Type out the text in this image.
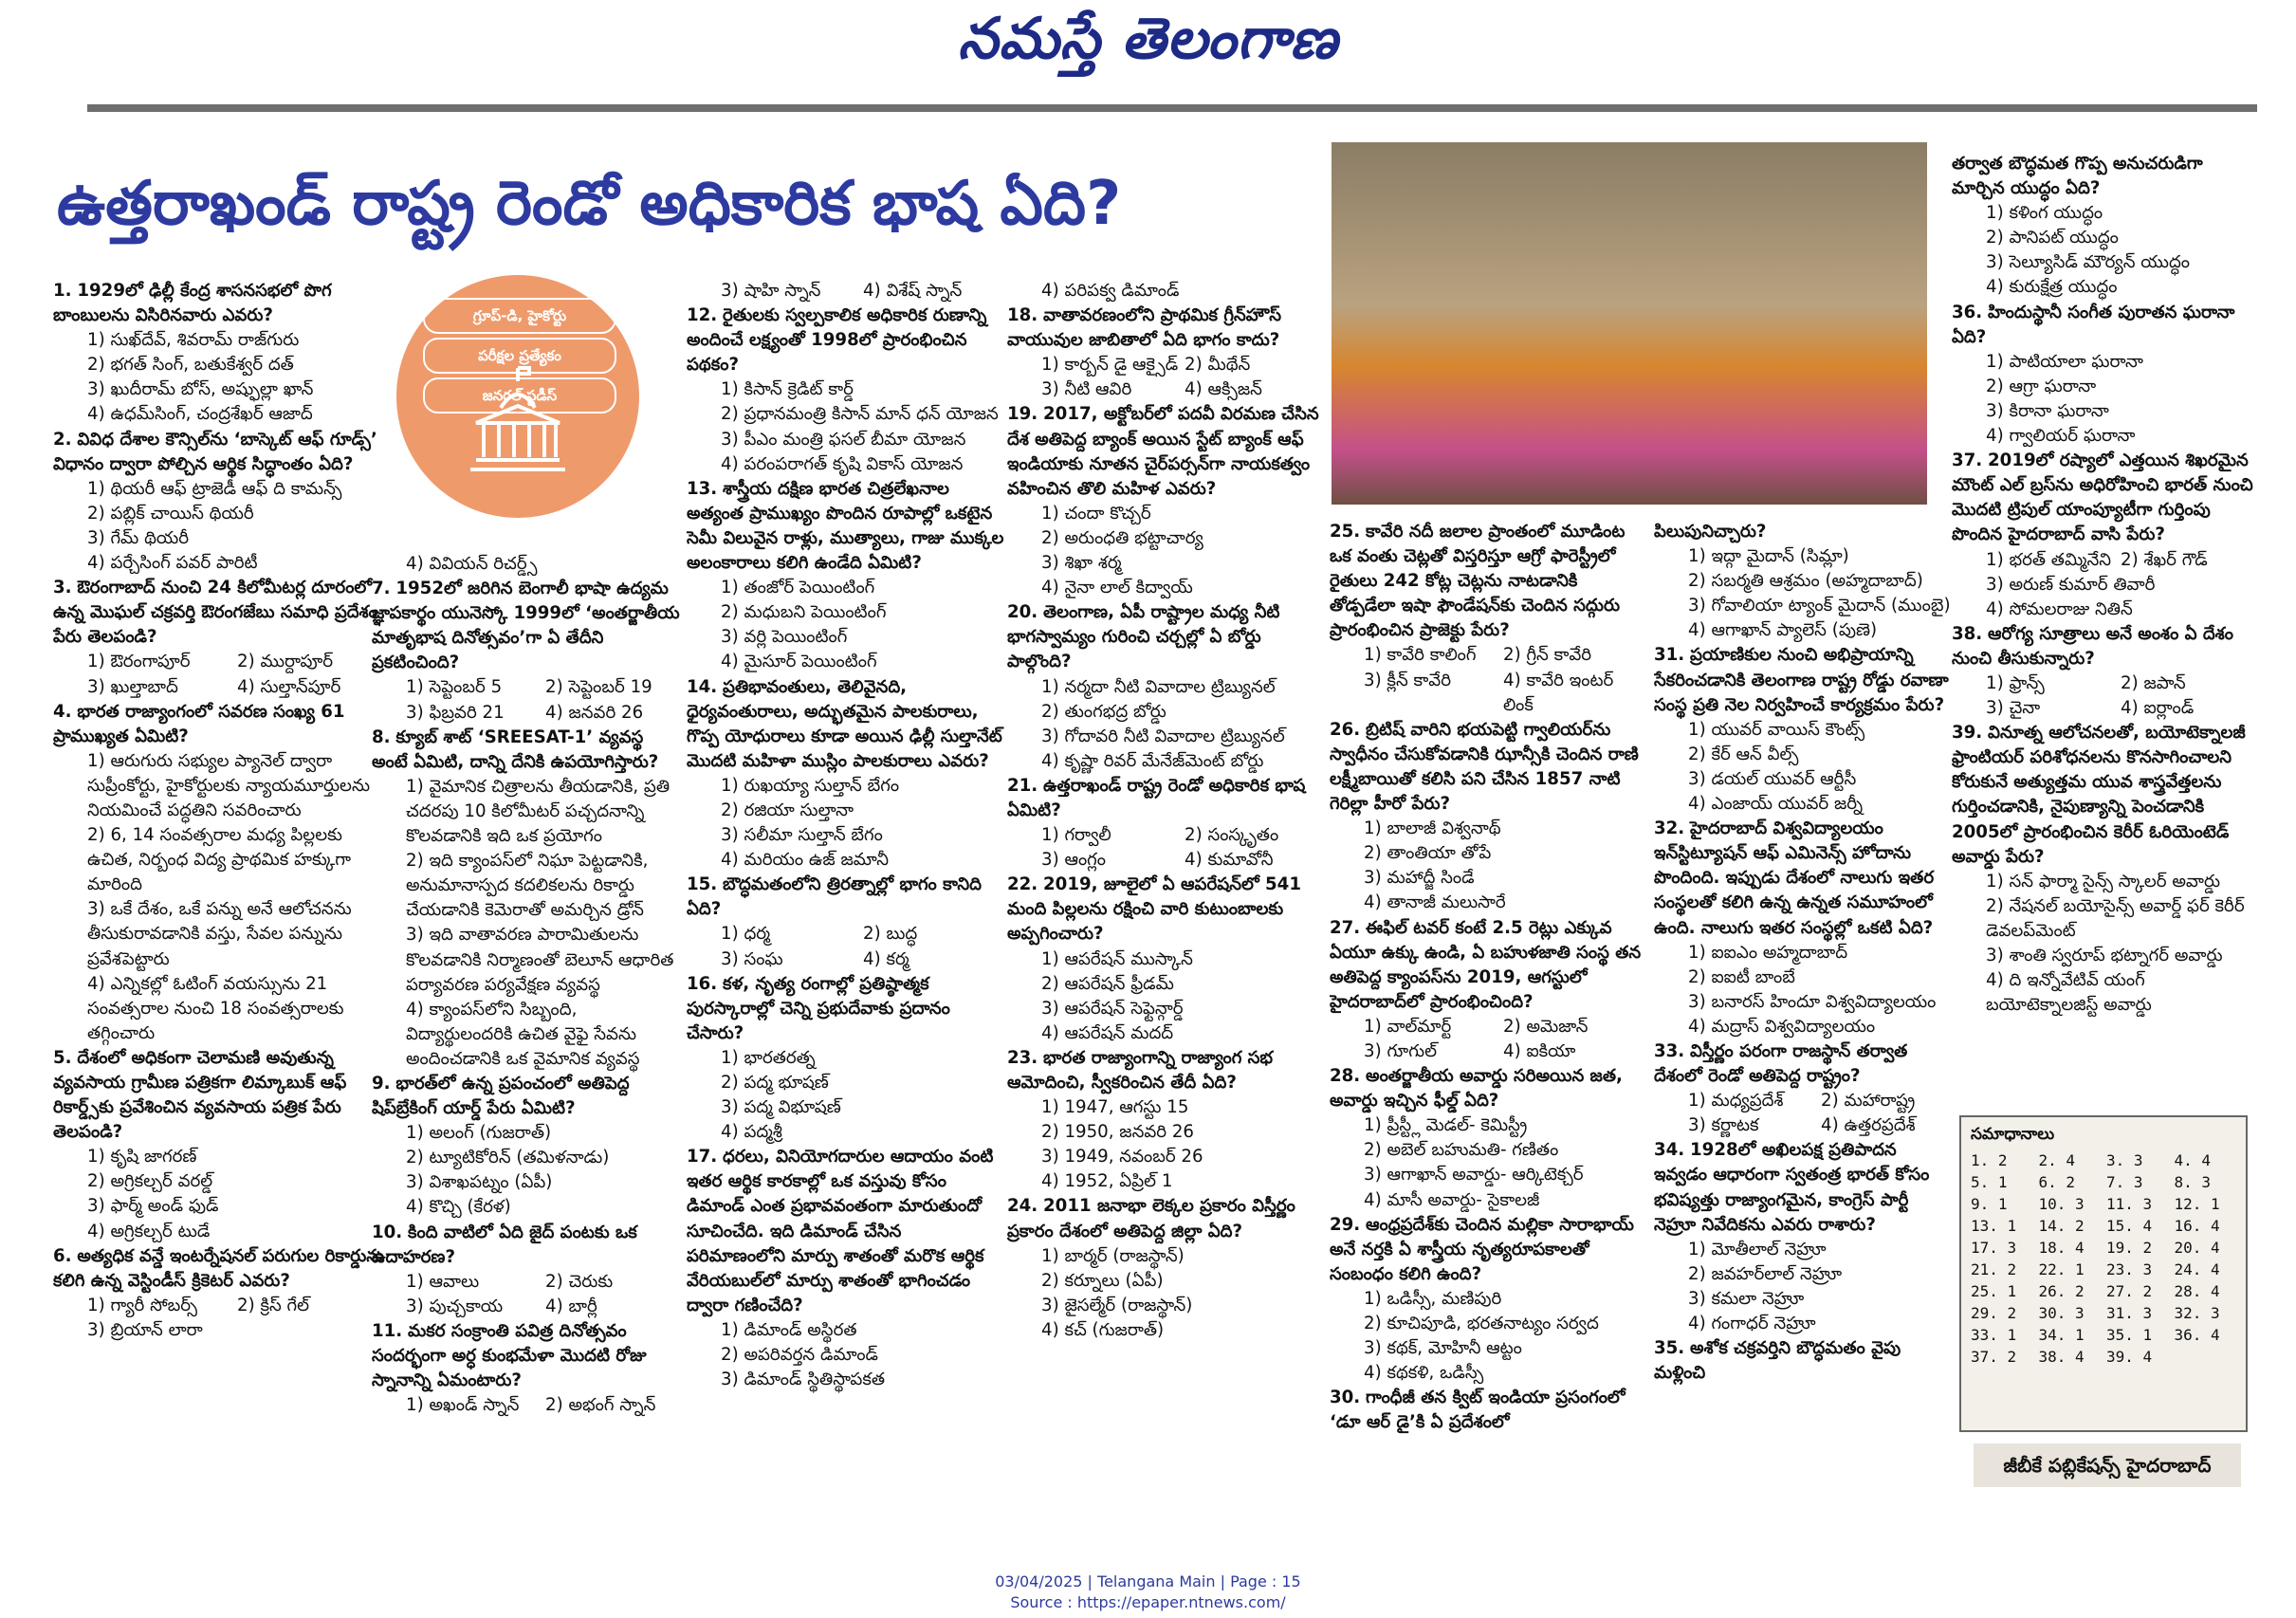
నమస్తే తెలంగాణ
ఉత్తరాఖండ్ రాష్ట్ర రెండో అధికారిక భాష ఏది?
గ్రూప్-డి, హైకోర్టు
పరీక్షల ప్రత్యేకం
జనరల్ స్టడీస్
1. 1929లో ఢిల్లీ కేంద్ర శాసనసభలో పొగ బాంబులను విసిరినవారు ఎవరు?
1) సుఖ్‌దేవ్, శివరామ్ రాజ్‌గురు
2) భగత్ సింగ్, బతుకేశ్వర్ దత్
3) ఖుదీరామ్ బోస్, అష్ఫుల్లా ఖాన్
4) ఉధమ్‌సింగ్, చంద్రశేఖర్ ఆజాద్
2. వివిధ దేశాల కౌన్సిల్‌ను ‘బాస్కెట్ ఆఫ్ గూడ్స్’ విధానం ద్వారా పోల్చిన ఆర్థిక సిద్ధాంతం ఏది?
1) థియరీ ఆఫ్ ట్రాజెడీ ఆఫ్ ది కామన్స్
2) పబ్లిక్ చాయిస్ థియరీ
3) గేమ్ థియరీ
4) పర్చేసింగ్ పవర్ పారిటీ
3. ఔరంగాబాద్ నుంచి 24 కిలోమీటర్ల దూరంలో ఉన్న మొఘల్ చక్రవర్తి ఔరంగజేబు సమాధి ప్రదేశం పేరు తెలపండి?
1) ఔరంగాపూర్	2) ముర్దాపూర్
3) ఖుల్తాబాద్	4) సుల్తాన్‌పూర్
4. భారత రాజ్యాంగంలో సవరణ సంఖ్య 61 ప్రాముఖ్యత ఏమిటి?
1) ఆరుగురు సభ్యుల ప్యానెల్ ద్వారా సుప్రీంకోర్టు, హైకోర్టులకు న్యాయమూర్తులను నియమించే పద్ధతిని సవరించారు
2) 6, 14 సంవత్సరాల మధ్య పిల్లలకు ఉచిత, నిర్బంధ విద్య ప్రాథమిక హక్కుగా మారింది
3) ఒకే దేశం, ఒకే పన్ను అనే ఆలోచనను తీసుకురావడానికి వస్తు, సేవల పన్నును ప్రవేశపెట్టారు
4) ఎన్నికల్లో ఓటింగ్ వయస్సును 21 సంవత్సరాల నుంచి 18 సంవత్సరాలకు తగ్గించారు
5. దేశంలో అధికంగా చెలామణి అవుతున్న వ్యవసాయ గ్రామీణ పత్రికగా లిమ్కాబుక్ ఆఫ్ రికార్డ్స్‌కు ప్రవేశించిన వ్యవసాయ పత్రిక పేరు తెలపండి?
1) కృషి జాగరణ్
2) అగ్రికల్చర్ వరల్డ్
3) ఫార్మ్ అండ్ ఫుడ్
4) అగ్రికల్చర్ టుడే
6. అత్యధిక వన్డే ఇంటర్నేషనల్ పరుగుల రికార్డును కలిగి ఉన్న వెస్టిండీస్ క్రికెటర్ ఎవరు?
1) గ్యారీ సోబర్స్	2) క్రిస్ గేల్
3) బ్రియాన్ లారా
4) వివియన్ రిచర్డ్స్
7. 1952లో జరిగిన బెంగాలీ భాషా ఉద్యమ జ్ఞాపకార్థం యునెస్కో 1999లో ‘అంతర్జాతీయ మాతృభాష దినోత్సవం’గా ఏ తేదీని ప్రకటించింది?
1) సెప్టెంబర్ 5	2) సెప్టెంబర్ 19
3) ఫిబ్రవరి 21	4) జనవరి 26
8. క్యూబ్ శాట్ ‘SREESAT-1’ వ్యవస్థ అంటే ఏమిటి, దాన్ని దేనికి ఉపయోగిస్తారు?
1) వైమానిక చిత్రాలను తీయడానికి, ప్రతి చదరపు 10 కిలోమీటర్ పచ్చదనాన్ని కొలవడానికి ఇది ఒక ప్రయోగం
2) ఇది క్యాంపస్‌లో నిఘా పెట్టడానికి, అనుమానాస్పద కదలికలను రికార్డు చేయడానికి కెమెరాతో అమర్చిన డ్రోన్
3) ఇది వాతావరణ పారామితులను కొలవడానికి నిర్మాణంతో బెలూన్ ఆధారిత పర్యావరణ పర్యవేక్షణ వ్యవస్థ
4) క్యాంపస్‌లోని సిబ్బంది, విద్యార్థులందరికి ఉచిత వైఫై సేవను అందించడానికి ఒక వైమానిక వ్యవస్థ
9. భారత్‌లో ఉన్న ప్రపంచంలో అతిపెద్ద షిప్‌బ్రేకింగ్ యార్డ్ పేరు ఏమిటి?
1) అలంగ్ (గుజరాత్)
2) ట్యూటికోరిన్ (తమిళనాడు)
3) విశాఖపట్నం (ఏపీ)
4) కొచ్చి (కేరళ)
10. కింది వాటిలో ఏది జైద్ పంటకు ఒక ఉదాహరణ?
1) ఆవాలు	2) చెరుకు
3) పుచ్చకాయ	4) బార్లీ
11. మకర సంక్రాంతి పవిత్ర దినోత్సవం సందర్భంగా అర్ధ కుంభమేళా మొదటి రోజు స్నానాన్ని ఏమంటారు?
1) అఖండ్ స్నాన్	2) అభంగ్ స్నాన్
3) షాహి స్నాన్	4) విశేష్ స్నాన్
12. రైతులకు స్వల్పకాలిక అధికారిక రుణాన్ని అందించే లక్ష్యంతో 1998లో ప్రారంభించిన పథకం?
1) కిసాన్ క్రెడిట్ కార్డ్
2) ప్రధానమంత్రి కిసాన్ మాన్ ధన్ యోజన
3) పీఎం మంత్రి ఫసల్ బీమా యోజన
4) పరంపరాగత్ కృషి వికాస్ యోజన
13. శాస్త్రీయ దక్షిణ భారత చిత్రలేఖనాల అత్యంత ప్రాముఖ్యం పొందిన రూపాల్లో ఒకటైన సెమీ విలువైన రాళ్లు, ముత్యాలు, గాజు ముక్కల అలంకారాలు కలిగి ఉండేది ఏమిటి?
1) తంజోర్ పెయింటింగ్
2) మధుబని పెయింటింగ్
3) వర్లి పెయింటింగ్
4) మైసూర్ పెయింటింగ్
14. ప్రతిభావంతులు, తెలివైనది, ధైర్యవంతురాలు, అద్భుతమైన పాలకురాలు, గొప్ప యోధురాలు కూడా అయిన ఢిల్లీ సుల్తానేట్ మొదటి మహిళా ముస్లిం పాలకురాలు ఎవరు?
1) రుఖయ్యా సుల్తాన్ బేగం
2) రజియా సుల్తానా
3) సలీమా సుల్తాన్ బేగం
4) మరియం ఉజ్ జమానీ
15. బౌద్ధమతంలోని త్రిరత్నాల్లో భాగం కానిది ఏది?
1) ధర్మ	2) బుద్ధ
3) సంఘ	4) కర్మ
16. కళ, నృత్య రంగాల్లో ప్రతిష్ఠాత్మక పురస్కారాల్లో చెన్ని ప్రభుదేవాకు ప్రదానం చేసారు?
1) భారతరత్న
2) పద్మ భూషణ్
3) పద్మ విభూషణ్
4) పద్మశ్రీ
17. ధరలు, వినియోగదారుల ఆదాయం వంటి ఇతర ఆర్థిక కారకాల్లో ఒక వస్తువు కోసం డిమాండ్ ఎంత ప్రభావవంతంగా మారుతుందో సూచించేది. ఇది డిమాండ్ చేసిన పరిమాణంలోని మార్పు శాతంతో మరొక ఆర్థిక వేరియబుల్‌లో మార్పు శాతంతో భాగించడం ద్వారా గణించేది?
1) డిమాండ్ అస్థిరత
2) అపరివర్తన డిమాండ్
3) డిమాండ్ స్థితిస్థాపకత
4) పరిపక్వ డిమాండ్
18. వాతావరణంలోని ప్రాథమిక గ్రీన్‌హౌస్ వాయువుల జాబితాలో ఏది భాగం కాదు?
1) కార్బన్ డై ఆక్సైడ్ 2) మీథేన్
3) నీటి ఆవిరి	4) ఆక్సిజన్
19. 2017, అక్టోబర్‌లో పదవీ విరమణ చేసిన దేశ అతిపెద్ద బ్యాంక్ అయిన స్టేట్ బ్యాంక్ ఆఫ్ ఇండియాకు నూతన చైర్‌పర్సన్‌గా నాయకత్వం వహించిన తొలి మహిళ ఎవరు?
1) చందా కొచ్చర్
2) అరుంధతి భట్టాచార్య
3) శిఖా శర్మ
4) నైనా లాల్ కిద్వాయ్
20. తెలంగాణ, ఏపీ రాష్ట్రాల మధ్య నీటి భాగస్వామ్యం గురించి చర్చల్లో ఏ బోర్డు పాల్గొంది?
1) నర్మదా నీటి వివాదాల ట్రిబ్యునల్
2) తుంగభద్ర బోర్డు
3) గోదావరి నీటి వివాదాల ట్రిబ్యునల్
4) కృష్ణా రివర్ మేనేజ్‌మెంట్ బోర్డు
21. ఉత్తరాఖండ్ రాష్ట్ర రెండో అధికారిక భాష ఏమిటి?
1) గర్వాలీ	2) సంస్కృతం
3) ఆంగ్లం	4) కుమావోనీ
22. 2019, జూలైలో ఏ ఆపరేషన్‌లో 541 మంది పిల్లలను రక్షించి వారి కుటుంబాలకు అప్పగించారు?
1) ఆపరేషన్ ముస్కాన్
2) ఆపరేషన్ ఫ్రీడమ్
3) ఆపరేషన్ సెఫ్టెన్గార్డ్
4) ఆపరేషన్ మదద్
23. భారత రాజ్యాంగాన్ని రాజ్యాంగ సభ ఆమోదించి, స్వీకరించిన తేదీ ఏది?
1) 1947, ఆగస్టు 15
2) 1950, జనవరి 26
3) 1949, నవంబర్ 26
4) 1952, ఏప్రిల్ 1
24. 2011 జనాభా లెక్కల ప్రకారం విస్తీర్ణం ప్రకారం దేశంలో అతిపెద్ద జిల్లా ఏది?
1) బార్మర్ (రాజస్థాన్)
2) కర్నూలు (ఏపీ)
3) జైసల్మేర్ (రాజస్థాన్)
4) కచ్ (గుజరాత్)
25. కావేరి నదీ జలాల ప్రాంతంలో మూడింట ఒక వంతు చెట్లతో విస్తరిస్తూ ఆగ్రో ఫారెస్ట్రీలో రైతులు 242 కోట్ల చెట్లను నాటడానికి తోడ్పడేలా ఇషా ఫౌండేషన్‌కు చెందిన సద్గురు ప్రారంభించిన ప్రాజెక్టు పేరు?
1) కావేరి కాలింగ్	2) గ్రీన్ కావేరి
3) క్లీన్ కావేరి	4) కావేరి ఇంటర్ లింక్
26. బ్రిటిష్ వారిని భయపెట్టి గ్వాలియర్‌ను స్వాధీనం చేసుకోవడానికి ఝాన్సీకి చెందిన రాణి లక్ష్మీబాయితో కలిసి పని చేసిన 1857 నాటి గెరిల్లా హీరో పేరు?
1) బాలాజీ విశ్వనాథ్
2) తాంతియా తోపే
3) మహాద్జీ సిండే
4) తానాజీ మలుసారే
27. ఈఫిల్ టవర్ కంటే 2.5 రెట్లు ఎక్కువ ఏయూ ఉక్కు ఉండి, ఏ బహుళజాతి సంస్థ తన అతిపెద్ద క్యాంపస్‌ను 2019, ఆగస్టులో హైదరాబాద్‌లో ప్రారంభించింది?
1) వాల్‌మార్ట్	2) అమెజాన్
3) గూగుల్	4) ఐకియా
28. అంతర్జాతీయ అవార్డు సరిఅయిన జత, అవార్డు ఇచ్చిన ఫీల్డ్ ఏది?
1) ప్రీస్ట్లీ మెడల్- కెమిస్ట్రీ
2) అబెల్ బహుమతి- గణితం
3) ఆగాఖాన్ అవార్డు- ఆర్కిటెక్చర్
4) మాసీ అవార్డు- సైకాలజీ
29. ఆంధ్రప్రదేశ్‌కు చెందిన మల్లికా సారాభాయ్ అనే నర్తకి ఏ శాస్త్రీయ నృత్యరూపకాలతో సంబంధం కలిగి ఉంది?
1) ఒడిస్సీ, మణిపురి
2) కూచిపూడి, భరతనాట్యం సర్వద
3) కథక్, మోహినీ ఆట్టం
4) కథకళి, ఒడిస్సీ
30. గాంధీజీ తన క్విట్ ఇండియా ప్రసంగంలో ‘డూ ఆర్ డై’కి ఏ ప్రదేశంలో
పిలుపునిచ్చారు?
1) ఇద్గా మైదాన్ (సిమ్లా)
2) సబర్మతి ఆశ్రమం (అహ్మదాబాద్)
3) గోవాలియా ట్యాంక్ మైదాన్ (ముంబై)
4) ఆగాఖాన్ ప్యాలెస్ (పుణె)
31. ప్రయాణికుల నుంచి అభిప్రాయాన్ని సేకరించడానికి తెలంగాణ రాష్ట్ర రోడ్డు రవాణా సంస్థ ప్రతి నెల నిర్వహించే కార్యక్రమం పేరు?
1) యువర్ వాయిస్ కౌంట్స్
2) కేర్ ఆన్ వీల్స్
3) డయల్ యువర్ ఆర్టీసీ
4) ఎంజాయ్ యువర్ జర్నీ
32. హైదరాబాద్ విశ్వవిద్యాలయం ఇన్‌స్టిట్యూషన్ ఆఫ్ ఎమినెన్స్ హోదాను పొందింది. ఇప్పుడు దేశంలో నాలుగు ఇతర సంస్థలతో కలిగి ఉన్న ఉన్నత సమూహంలో ఉంది. నాలుగు ఇతర సంస్థల్లో ఒకటి ఏది?
1) ఐఐఎం అహ్మదాబాద్
2) ఐఐటీ బాంబే
3) బనారస్ హిందూ విశ్వవిద్యాలయం
4) మద్రాస్ విశ్వవిద్యాలయం
33. విస్తీర్ణం పరంగా రాజస్థాన్ తర్వాత దేశంలో రెండో అతిపెద్ద రాష్ట్రం?
1) మధ్యప్రదేశ్	2) మహారాష్ట్ర
3) కర్ణాటక	4) ఉత్తరప్రదేశ్
34. 1928లో అఖిలపక్ష ప్రతిపాదన ఇవ్వడం ఆధారంగా స్వతంత్ర భారత్ కోసం భవిష్యత్తు రాజ్యాంగమైన, కాంగ్రెస్ పార్టీ నెహ్రూ నివేదికను ఎవరు రాశారు?
1) మోతీలాల్ నెహ్రూ
2) జవహర్‌లాల్ నెహ్రూ
3) కమలా నెహ్రూ
4) గంగాధర్ నెహ్రూ
35. అశోక చక్రవర్తిని బౌద్ధమతం వైపు మళ్లించి
తర్వాత బౌద్ధమత గొప్ప అనుచరుడిగా మార్చిన యుద్ధం ఏది?
1) కళింగ యుద్ధం
2) పానిపట్ యుద్ధం
3) సెల్యూసిడ్ మౌర్యన్ యుద్ధం
4) కురుక్షేత్ర యుద్ధం
36. హిందుస్థానీ సంగీత పురాతన ఘరానా ఏది?
1) పాటియాలా ఘరానా
2) ఆగ్రా ఘరానా
3) కిరానా ఘరానా
4) గ్వాలియర్ ఘరానా
37. 2019లో రష్యాలో ఎత్తయిన శిఖరమైన మౌంట్ ఎల్ బ్రస్‌ను అధిరోహించి భారత్ నుంచి మొదటి ట్రిపుల్ యాంప్యూటీగా గుర్తింపు పొందిన హైదరాబాద్ వాసి పేరు?
1) భరత్ తమ్మినేని 2) శేఖర్ గౌడ్
3) అరుణ్ కుమార్ తివారీ
4) సోమలరాజు నితిన్
38. ఆరోగ్య సూత్రాలు అనే అంశం ఏ దేశం నుంచి తీసుకున్నారు?
1) ఫ్రాన్స్	2) జపాన్
3) చైనా	4) ఐర్లాండ్
39. వినూత్న ఆలోచనలతో, బయోటెక్నాలజీ ఫ్రాంటియర్ పరిశోధనలను కొనసాగించాలని కోరుకునే అత్యుత్తమ యువ శాస్త్రవేత్తలను గుర్తించడానికి, నైపుణ్యాన్ని పెంచడానికి 2005లో ప్రారంభించిన కెరీర్ ఓరియెంటెడ్ అవార్డు పేరు?
1) సన్ ఫార్మా సైన్స్ స్కాలర్ అవార్డు
2) నేషనల్ బయోసైన్స్ అవార్డ్ ఫర్ కెరీర్ డెవలప్‌మెంట్
3) శాంతి స్వరూప్ భట్నాగర్ అవార్డు
4) ది ఇన్నోవేటివ్ యంగ్ బయోటెక్నాలజిస్ట్ అవార్డు
సమాధానాలు
1. 2	2. 4	3. 3	4. 4
5. 1	6. 2	7. 3	8. 3
9. 1	10. 3	11. 3	12. 1
13. 1	14. 2	15. 4	16. 4
17. 3	18. 4	19. 2	20. 4
21. 2	22. 1	23. 3	24. 4
25. 1	26. 2	27. 2	28. 4
29. 2	30. 3	31. 3	32. 3
33. 1	34. 1	35. 1	36. 4
37. 2	38. 4	39. 4
జీబీకే పబ్లికేషన్స్ హైదరాబాద్
03/04/2025 | Telangana Main | Page : 15
Source : https://epaper.ntnews.com/
